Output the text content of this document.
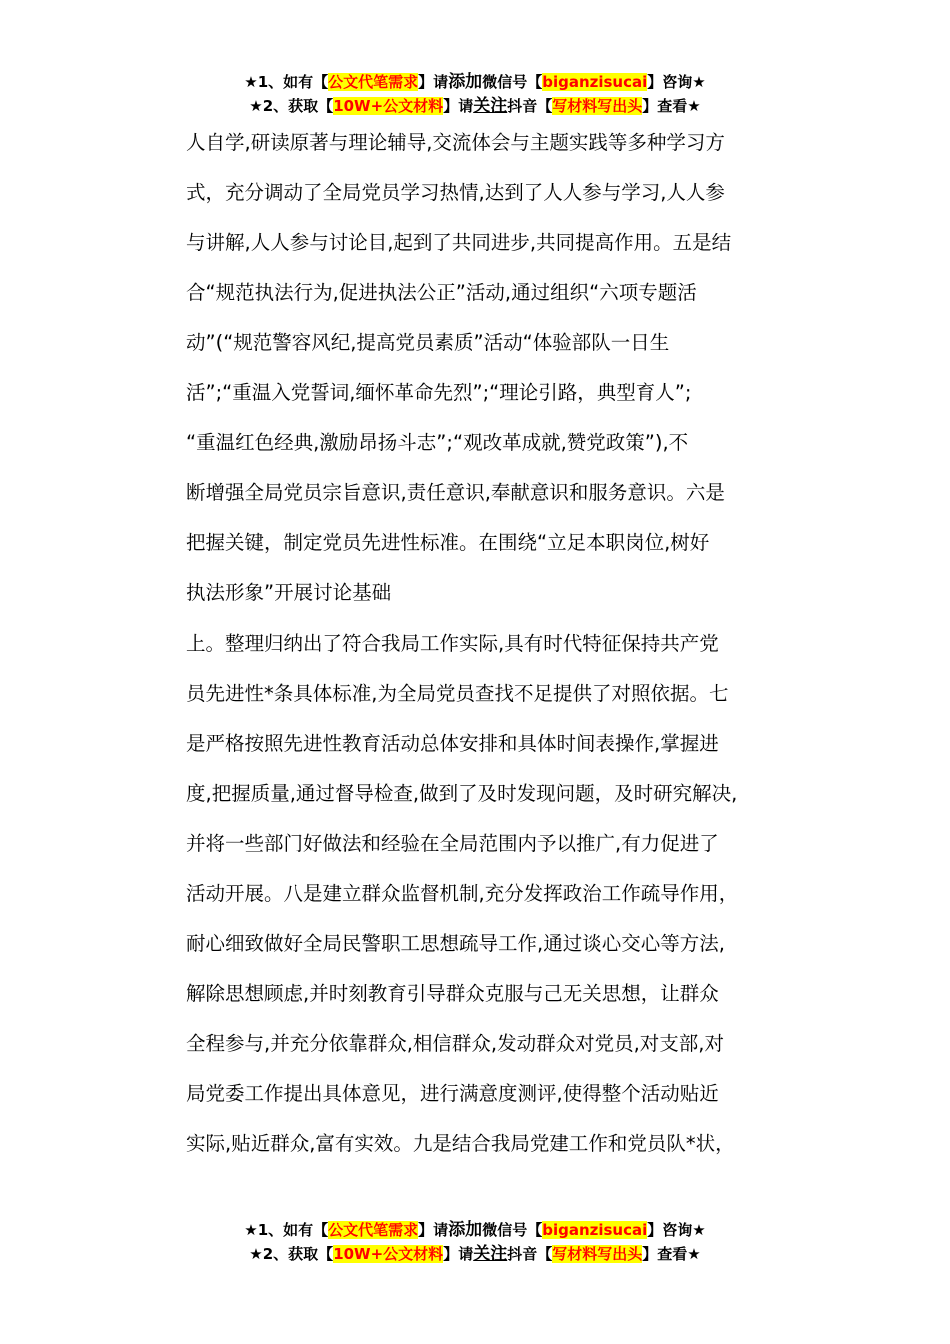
★1、如有【公文代笔需求】请添加微信号【biganzisucai】咨询★
★2、获取【10W+公文材料】请关注抖音【写材料写出头】查看★
人自学,研读原著与理论辅导,交流体会与主题实践等多种学习方
式，充分调动了全局党员学习热情,达到了人人参与学习,人人参
与讲解,人人参与讨论目,起到了共同进步,共同提高作用。五是结
合“规范执法行为,促进执法公正”活动,通过组织“六项专题活
动”(“规范警容风纪,提高党员素质”活动“体验部队一日生
活”;“重温入党誓词,缅怀革命先烈”;“理论引路，典型育人”;
“重温红色经典,激励昂扬斗志”;“观改革成就,赞党政策”),不
断增强全局党员宗旨意识,责任意识,奉献意识和服务意识。六是
把握关键，制定党员先进性标准。在围绕“立足本职岗位,树好
执法形象”开展讨论基础
上。整理归纳出了符合我局工作实际,具有时代特征保持共产党
员先进性*条具体标准,为全局党员查找不足提供了对照依据。七
是严格按照先进性教育活动总体安排和具体时间表操作,掌握进
度,把握质量,通过督导检查,做到了及时发现问题，及时研究解决,
并将一些部门好做法和经验在全局范围内予以推广,有力促进了
活动开展。八是建立群众监督机制,充分发挥政治工作疏导作用，
耐心细致做好全局民警职工思想疏导工作,通过谈心交心等方法,
解除思想顾虑,并时刻教育引导群众克服与己无关思想，让群众
全程参与,并充分依靠群众,相信群众,发动群众对党员,对支部,对
局党委工作提出具体意见，进行满意度测评,使得整个活动贴近
实际,贴近群众,富有实效。九是结合我局党建工作和党员队*状，
★1、如有【公文代笔需求】请添加微信号【biganzisucai】咨询★
★2、获取【10W+公文材料】请关注抖音【写材料写出头】查看★
